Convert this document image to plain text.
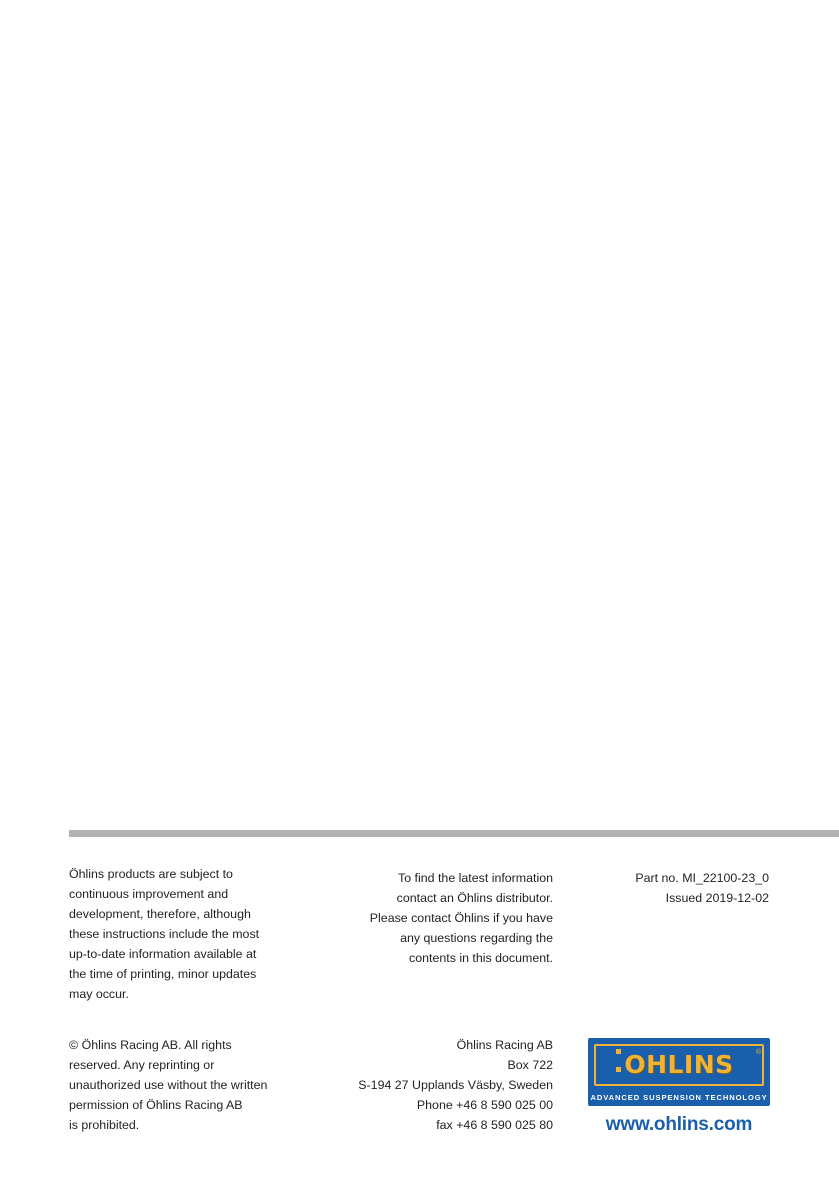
Öhlins products are subject to
continuous improvement and
development, therefore, although
these instructions include the most
up-to-date information available at
the time of printing, minor updates
may occur.
To find the latest information
contact an Öhlins distributor.
Please contact Öhlins if you have
any questions regarding the
contents in this document.
Part no. MI_22100-23_0
Issued 2019-12-02
© Öhlins Racing AB. All rights
reserved. Any reprinting or
unauthorized use without the written
permission of Öhlins Racing AB
is prohibited.
Öhlins Racing AB
Box 722
S-194 27 Upplands Väsby, Sweden
Phone +46 8 590 025 00
fax +46 8 590 025 80
OHLINS	®
ADVANCED SUSPENSION TECHNOLOGY
www.ohlins.com
